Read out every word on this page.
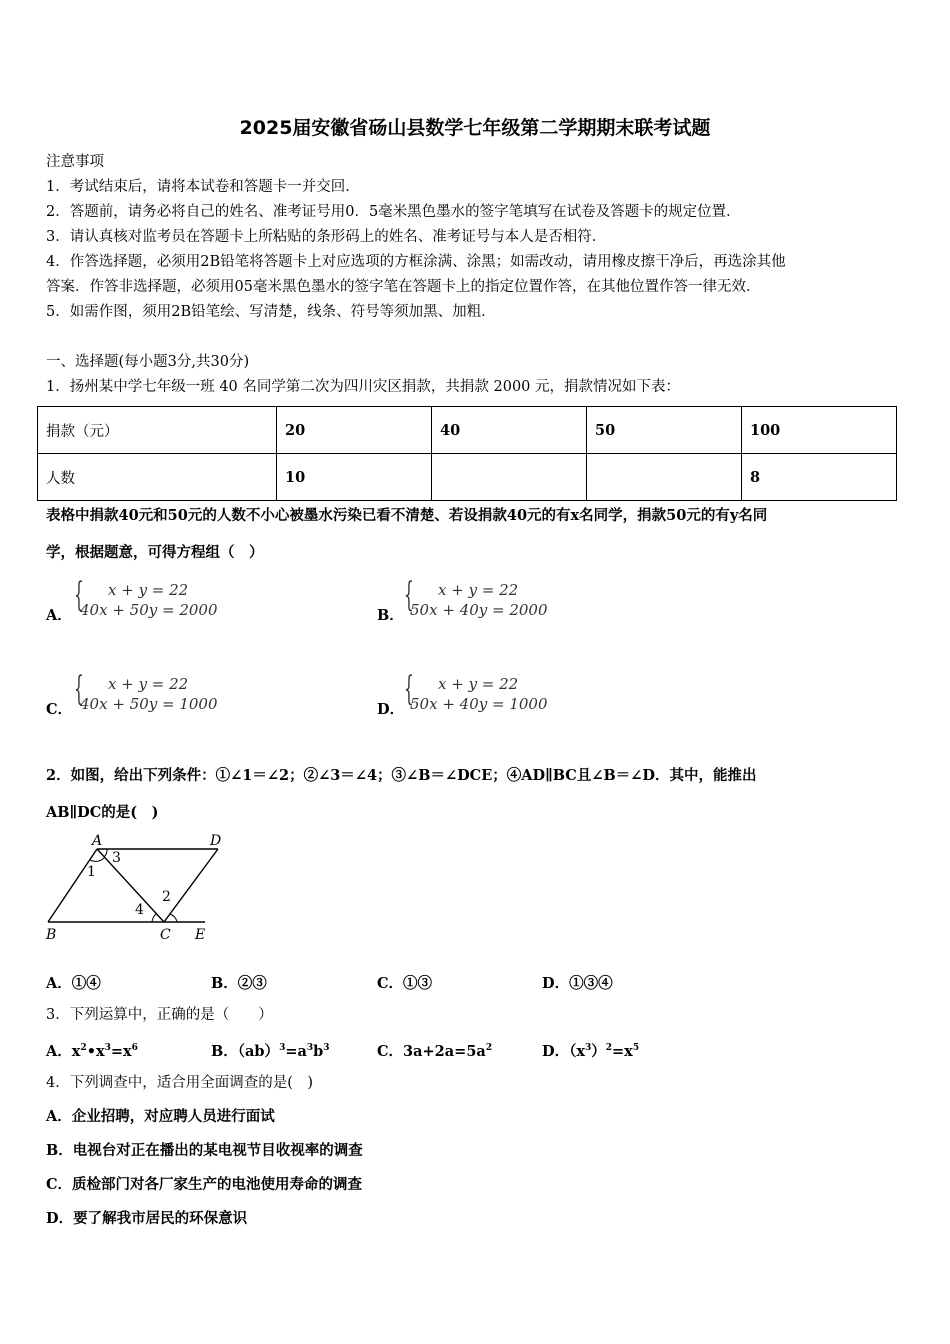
2025届安徽省砀山县数学七年级第二学期期末联考试题
注意事项
1．考试结束后，请将本试卷和答题卡一并交回．
2．答题前，请务必将自己的姓名、准考证号用0．5毫米黑色墨水的签字笔填写在试卷及答题卡的规定位置．
3．请认真核对监考员在答题卡上所粘贴的条形码上的姓名、准考证号与本人是否相符．
4．作答选择题，必须用2B铅笔将答题卡上对应选项的方框涂满、涂黑；如需改动，请用橡皮擦干净后，再选涂其他
答案．作答非选择题，必须用05毫米黑色墨水的签字笔在答题卡上的指定位置作答，在其他位置作答一律无效．
5．如需作图，须用2B铅笔绘、写清楚，线条、符号等须加黑、加粗．
一、选择题(每小题3分,共30分)
1．扬州某中学七年级一班 40 名同学第二次为四川灾区捐款，共捐款 2000 元，捐款情况如下表：
捐款（元）	20	40	50	100
人数	10			8
表格中捐款40元和50元的人数不小心被墨水污染已看不清楚、若设捐款40元的有x名同学，捐款50元的有y名同
学，根据题意，可得方程组（　）
A．
{ x + y = 22
40x + 50y = 2000	B．
{ x + y = 22
50x + 40y = 2000
C．
{ x + y = 22
40x + 50y = 1000	D．
{ x + y = 22
50x + 40y = 1000
2．如图，给出下列条件：①∠1＝∠2；②∠3＝∠4；③∠B＝∠DCE；④AD∥BC且∠B＝∠D．其中，能推出
AB∥DC的是(　)
A	D
B	C E
1
3
4
2
A．①④	B．②③	C．①③	D．①③④
3．下列运算中，正确的是（　　）
A．$x^2•x^3=x^6$	B．$(ab)^3=a^3b^3$	C．$3a+2a=5a^2$	D．$(x^3)^2=x^5$
4．下列调查中，适合用全面调查的是(　)
A．企业招聘，对应聘人员进行面试
B．电视台对正在播出的某电视节目收视率的调查
C．质检部门对各厂家生产的电池使用寿命的调查
D．要了解我市居民的环保意识
